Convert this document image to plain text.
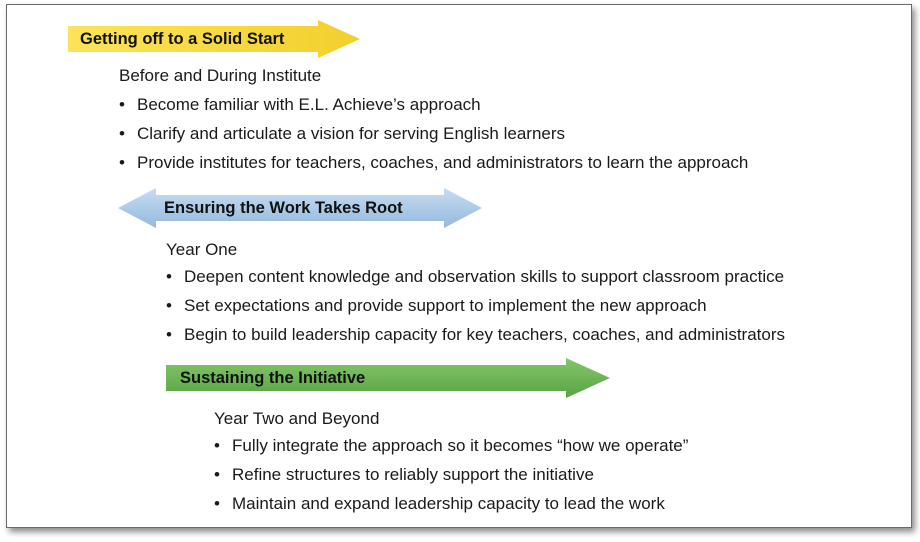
Getting off to a Solid Start
Before and During Institute
• Become familiar with E.L. Achieve’s approach
• Clarify and articulate a vision for serving English learners
• Provide institutes for teachers, coaches, and administrators to learn the approach
Ensuring the Work Takes Root
Year One
• Deepen content knowledge and observation skills to support classroom practice
• Set expectations and provide support to implement the new approach
• Begin to build leadership capacity for key teachers, coaches, and administrators
Sustaining the Initiative
Year Two and Beyond
• Fully integrate the approach so it becomes “how we operate”
• Refine structures to reliably support the initiative
• Maintain and expand leadership capacity to lead the work
